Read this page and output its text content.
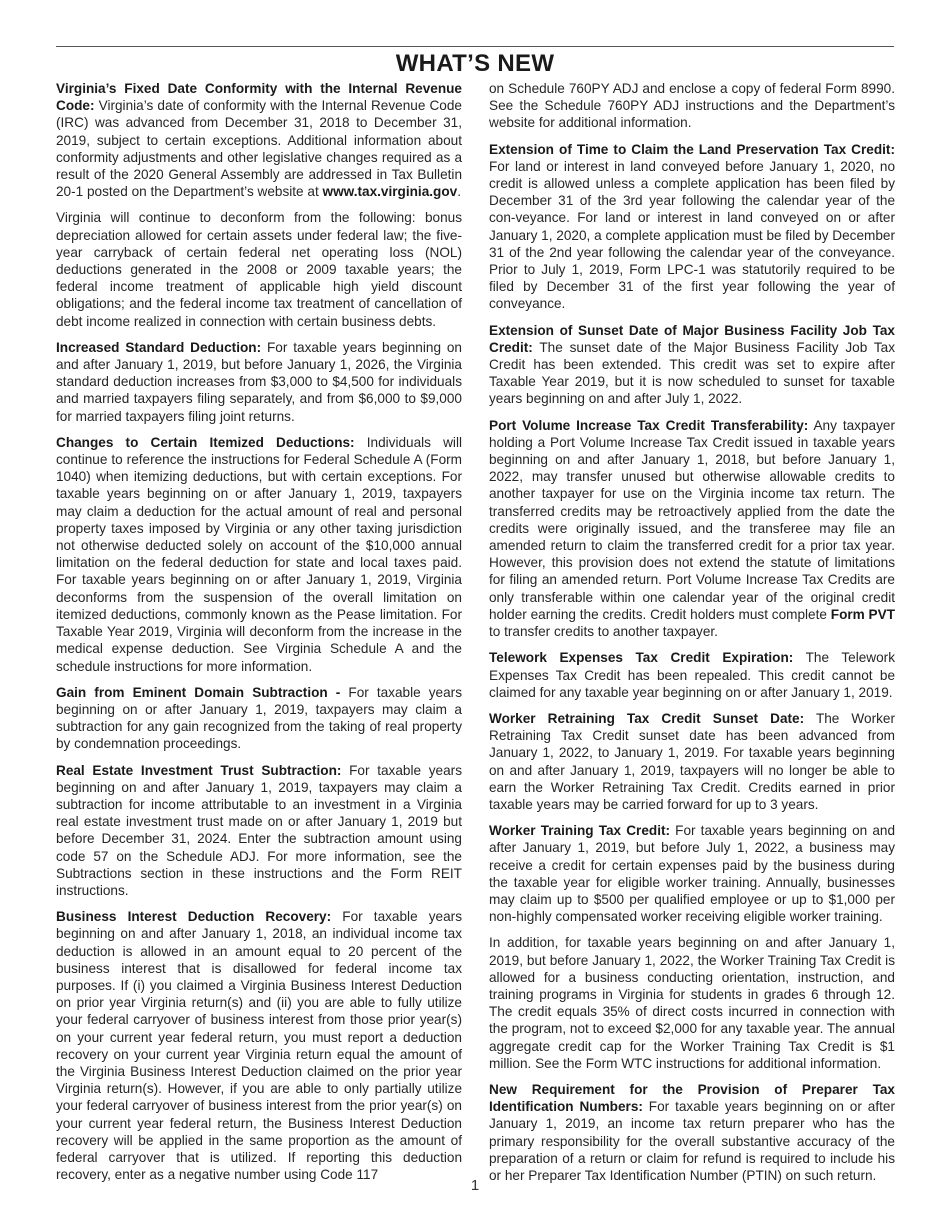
WHAT’S NEW

Virginia’s Fixed Date Conformity with the Internal Revenue Code: Virginia’s date of conformity with the Internal Revenue Code (IRC) was advanced from December 31, 2018 to December 31, 2019, subject to certain exceptions. Additional information about conformity adjustments and other legislative changes required as a result of the 2020 General Assembly are addressed in Tax Bulletin 20-1 posted on the Department’s website at www.tax.virginia.gov.

Virginia will continue to deconform from the following: bonus depreciation allowed for certain assets under federal law; the five-year carryback of certain federal net operating loss (NOL) deductions generated in the 2008 or 2009 taxable years; the federal income treatment of applicable high yield discount obligations; and the federal income tax treatment of cancellation of debt income realized in connection with certain business debts.

Increased Standard Deduction: For taxable years beginning on and after January 1, 2019, but before January 1, 2026, the Virginia standard deduction increases from $3,000 to $4,500 for individuals and married taxpayers filing separately, and from $6,000 to $9,000 for married taxpayers filing joint returns.

Changes to Certain Itemized Deductions: Individuals will continue to reference the instructions for Federal Schedule A (Form 1040) when itemizing deductions, but with certain exceptions. For taxable years beginning on or after January 1, 2019, taxpayers may claim a deduction for the actual amount of real and personal property taxes imposed by Virginia or any other taxing jurisdiction not otherwise deducted solely on account of the $10,000 annual limitation on the federal deduction for state and local taxes paid. For taxable years beginning on or after January 1, 2019, Virginia deconforms from the suspension of the overall limitation on itemized deductions, commonly known as the Pease limitation. For Taxable Year 2019, Virginia will deconform from the increase in the medical expense deduction. See Virginia Schedule A and the schedule instructions for more information.

Gain from Eminent Domain Subtraction - For taxable years beginning on or after January 1, 2019, taxpayers may claim a subtraction for any gain recognized from the taking of real property by condemnation proceedings.

Real Estate Investment Trust Subtraction: For taxable years beginning on and after January 1, 2019, taxpayers may claim a subtraction for income attributable to an investment in a Virginia real estate investment trust made on or after January 1, 2019 but before December 31, 2024. Enter the subtraction amount using code 57 on the Schedule ADJ. For more information, see the Subtractions section in these instructions and the Form REIT instructions.

Business Interest Deduction Recovery: For taxable years beginning on and after January 1, 2018, an individual income tax deduction is allowed in an amount equal to 20 percent of the business interest that is disallowed for federal income tax purposes. If (i) you claimed a Virginia Business Interest Deduction on prior year Virginia return(s) and (ii) you are able to fully utilize your federal carryover of business interest from those prior year(s) on your current year federal return, you must report a deduction recovery on your current year Virginia return equal the amount of the Virginia Business Interest Deduction claimed on the prior year Virginia return(s). However, if you are able to only partially utilize your federal carryover of business interest from the prior year(s) on your current year federal return, the Business Interest Deduction recovery will be applied in the same proportion as the amount of federal carryover that is utilized. If reporting this deduction recovery, enter as a negative number using Code 117

on Schedule 760PY ADJ and enclose a copy of federal Form 8990. See the Schedule 760PY ADJ instructions and the Department’s website for additional information.

Extension of Time to Claim the Land Preservation Tax Credit: For land or interest in land conveyed before January 1, 2020, no credit is allowed unless a complete application has been filed by December 31 of the 3rd year following the calendar year of the con-veyance. For land or interest in land conveyed on or after January 1, 2020, a complete application must be filed by December 31 of the 2nd year following the calendar year of the conveyance. Prior to July 1, 2019, Form LPC-1 was statutorily required to be filed by December 31 of the first year following the year of conveyance.

Extension of Sunset Date of Major Business Facility Job Tax Credit: The sunset date of the Major Business Facility Job Tax Credit has been extended. This credit was set to expire after Taxable Year 2019, but it is now scheduled to sunset for taxable years beginning on and after July 1, 2022.

Port Volume Increase Tax Credit Transferability: Any taxpayer holding a Port Volume Increase Tax Credit issued in taxable years beginning on and after January 1, 2018, but before January 1, 2022, may transfer unused but otherwise allowable credits to another taxpayer for use on the Virginia income tax return. The transferred credits may be retroactively applied from the date the credits were originally issued, and the transferee may file an amended return to claim the transferred credit for a prior tax year. However, this provision does not extend the statute of limitations for filing an amended return. Port Volume Increase Tax Credits are only transferable within one calendar year of the original credit holder earning the credits. Credit holders must complete Form PVT to transfer credits to another taxpayer.

Telework Expenses Tax Credit Expiration: The Telework Expenses Tax Credit has been repealed. This credit cannot be claimed for any taxable year beginning on or after January 1, 2019.

Worker Retraining Tax Credit Sunset Date: The Worker Retraining Tax Credit sunset date has been advanced from January 1, 2022, to January 1, 2019. For taxable years beginning on and after January 1, 2019, taxpayers will no longer be able to earn the Worker Retraining Tax Credit. Credits earned in prior taxable years may be carried forward for up to 3 years.

Worker Training Tax Credit: For taxable years beginning on and after January 1, 2019, but before July 1, 2022, a business may receive a credit for certain expenses paid by the business during the taxable year for eligible worker training. Annually, businesses may claim up to $500 per qualified employee or up to $1,000 per non-highly compensated worker receiving eligible worker training.

In addition, for taxable years beginning on and after January 1, 2019, but before January 1, 2022, the Worker Training Tax Credit is allowed for a business conducting orientation, instruction, and training programs in Virginia for students in grades 6 through 12. The credit equals 35% of direct costs incurred in connection with the program, not to exceed $2,000 for any taxable year. The annual aggregate credit cap for the Worker Training Tax Credit is $1 million. See the Form WTC instructions for additional information.

New Requirement for the Provision of Preparer Tax Identification Numbers: For taxable years beginning on or after January 1, 2019, an income tax return preparer who has the primary responsibility for the overall substantive accuracy of the preparation of a return or claim for refund is required to include his or her Preparer Tax Identification Number (PTIN) on such return.

1
